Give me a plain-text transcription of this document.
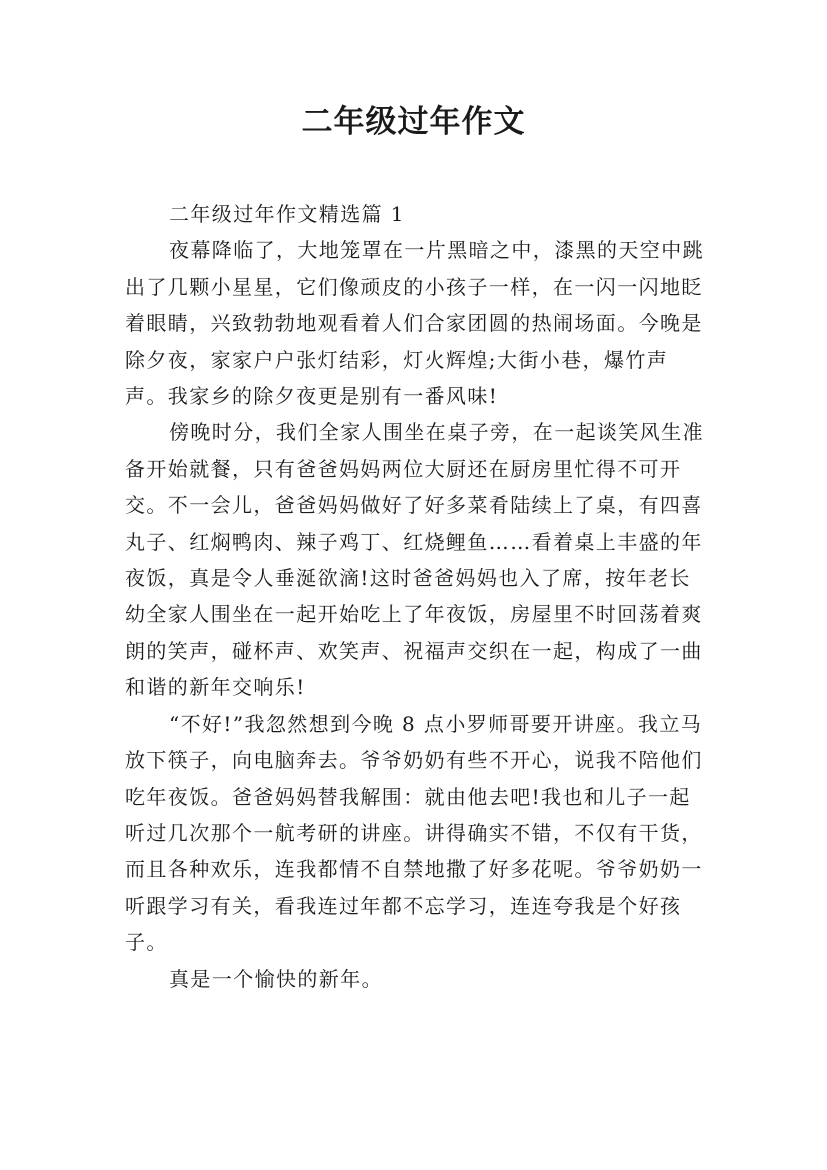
二年级过年作文

二年级过年作文精选篇 1

夜幕降临了，大地笼罩在一片黑暗之中，漆黑的天空中跳出了几颗小星星，它们像顽皮的小孩子一样，在一闪一闪地眨着眼睛，兴致勃勃地观看着人们合家团圆的热闹场面。今晚是除夕夜，家家户户张灯结彩，灯火辉煌;大街小巷，爆竹声声。我家乡的除夕夜更是别有一番风味!

傍晚时分，我们全家人围坐在桌子旁，在一起谈笑风生准备开始就餐，只有爸爸妈妈两位大厨还在厨房里忙得不可开交。不一会儿，爸爸妈妈做好了好多菜肴陆续上了桌，有四喜丸子、红焖鸭肉、辣子鸡丁、红烧鲤鱼……看着桌上丰盛的年夜饭，真是令人垂涎欲滴!这时爸爸妈妈也入了席，按年老长幼全家人围坐在一起开始吃上了年夜饭，房屋里不时回荡着爽朗的笑声，碰杯声、欢笑声、祝福声交织在一起，构成了一曲和谐的新年交响乐!

“不好!”我忽然想到今晚 8 点小罗师哥要开讲座。我立马放下筷子，向电脑奔去。爷爷奶奶有些不开心，说我不陪他们吃年夜饭。爸爸妈妈替我解围：就由他去吧!我也和儿子一起听过几次那个一航考研的讲座。讲得确实不错，不仅有干货，而且各种欢乐，连我都情不自禁地撒了好多花呢。爷爷奶奶一听跟学习有关，看我连过年都不忘学习，连连夸我是个好孩子。

真是一个愉快的新年。
